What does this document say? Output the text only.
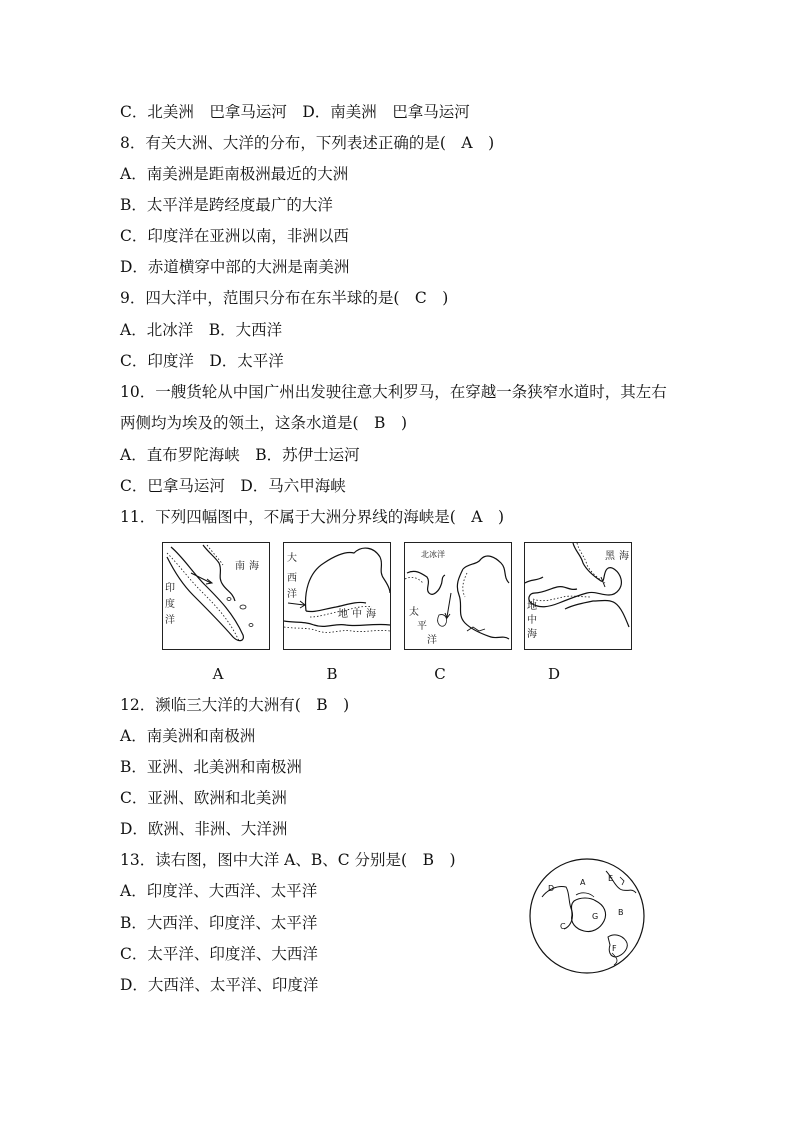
C．北美洲　巴拿马运河　D．南美洲　巴拿马运河
8．有关大洲、大洋的分布，下列表述正确的是(　A　)
A．南美洲是距南极洲最近的大洲
B．太平洋是跨经度最广的大洋
C．印度洋在亚洲以南，非洲以西
D．赤道横穿中部的大洲是南美洲
9．四大洋中，范围只分布在东半球的是(　C　)
A．北冰洋　B．大西洋
C．印度洋　D．太平洋
10．一艘货轮从中国广州出发驶往意大利罗马，在穿越一条狭窄水道时，其左右
两侧均为埃及的领土，这条水道是(　B　)
A．直布罗陀海峡　B．苏伊士运河
C．巴拿马运河　D．马六甲海峡
11．下列四幅图中，不属于大洲分界线的海峡是(　A　)
南 海
印
度
洋
A
大
西
洋
地 中 海
B
北冰洋
太
平
洋
C
黑 海
地
中
海
D
12．濒临三大洋的大洲有(　B　)
A．南美洲和南极洲
B．亚洲、北美洲和南极洲
C．亚洲、欧洲和北美洲
D．欧洲、非洲、大洋洲
13．读右图，图中大洋 A、B、C 分别是(　B　)
A．印度洋、大西洋、太平洋
B．大西洋、印度洋、太平洋
C．太平洋、印度洋、大西洋
D．大西洋、太平洋、印度洋
A
B
C
D
E
F
G
